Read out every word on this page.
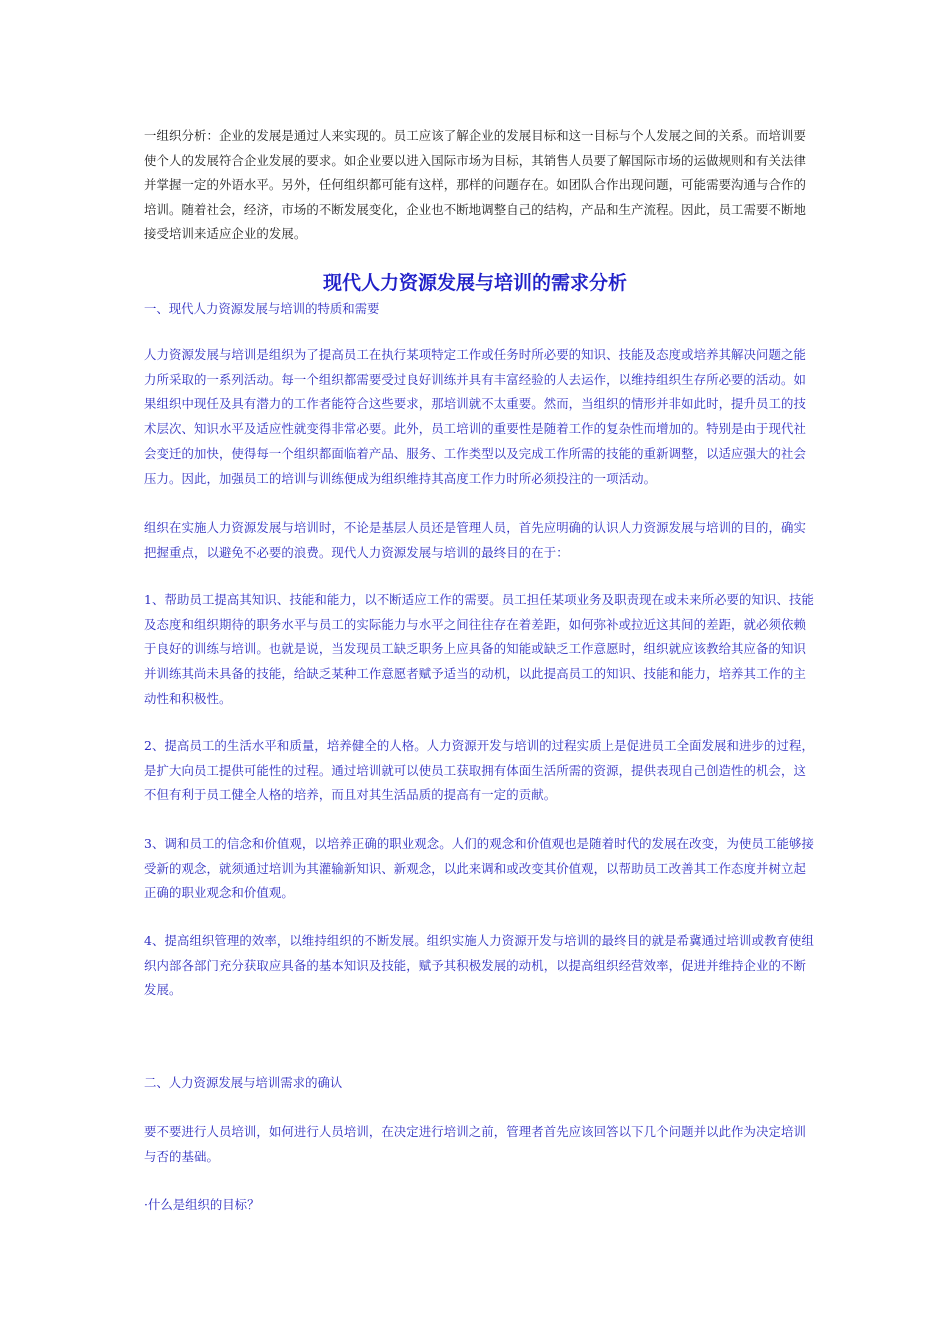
一组织分析：企业的发展是通过人来实现的。员工应该了解企业的发展目标和这一目标与个人发展之间的关系。而培训要使个人的发展符合企业发展的要求。如企业要以进入国际市场为目标，其销售人员要了解国际市场的运做规则和有关法律并掌握一定的外语水平。另外，任何组织都可能有这样，那样的问题存在。如团队合作出现问题，可能需要沟通与合作的培训。随着社会，经济，市场的不断发展变化，企业也不断地调整自己的结构，产品和生产流程。因此，员工需要不断地接受培训来适应企业的发展。

现代人力资源发展与培训的需求分析

一、现代人力资源发展与培训的特质和需要

人力资源发展与培训是组织为了提高员工在执行某项特定工作或任务时所必要的知识、技能及态度或培养其解决问题之能力所采取的一系列活动。每一个组织都需要受过良好训练并具有丰富经验的人去运作，以维持组织生存所必要的活动。如果组织中现任及具有潜力的工作者能符合这些要求，那培训就不太重要。然而，当组织的情形并非如此时，提升员工的技术层次、知识水平及适应性就变得非常必要。此外，员工培训的重要性是随着工作的复杂性而增加的。特别是由于现代社会变迁的加快，使得每一个组织都面临着产品、服务、工作类型以及完成工作所需的技能的重新调整，以适应强大的社会压力。因此，加强员工的培训与训练便成为组织维持其高度工作力时所必须投注的一项活动。

组织在实施人力资源发展与培训时，不论是基层人员还是管理人员，首先应明确的认识人力资源发展与培训的目的，确实把握重点，以避免不必要的浪费。现代人力资源发展与培训的最终目的在于：

1、帮助员工提高其知识、技能和能力，以不断适应工作的需要。员工担任某项业务及职责现在或未来所必要的知识、技能及态度和组织期待的职务水平与员工的实际能力与水平之间往往存在着差距，如何弥补或拉近这其间的差距，就必须依赖于良好的训练与培训。也就是说，当发现员工缺乏职务上应具备的知能或缺乏工作意愿时，组织就应该教给其应备的知识并训练其尚未具备的技能，给缺乏某种工作意愿者赋予适当的动机，以此提高员工的知识、技能和能力，培养其工作的主动性和积极性。

2、提高员工的生活水平和质量，培养健全的人格。人力资源开发与培训的过程实质上是促进员工全面发展和进步的过程，是扩大向员工提供可能性的过程。通过培训就可以使员工获取拥有体面生活所需的资源，提供表现自己创造性的机会，这不但有利于员工健全人格的培养，而且对其生活品质的提高有一定的贡献。

3、调和员工的信念和价值观，以培养正确的职业观念。人们的观念和价值观也是随着时代的发展在改变，为使员工能够接受新的观念，就须通过培训为其灌输新知识、新观念，以此来调和或改变其价值观，以帮助员工改善其工作态度并树立起正确的职业观念和价值观。

4、提高组织管理的效率，以维持组织的不断发展。组织实施人力资源开发与培训的最终目的就是希冀通过培训或教育使组织内部各部门充分获取应具备的基本知识及技能，赋予其积极发展的动机，以提高组织经营效率，促进并维持企业的不断发展。

二、人力资源发展与培训需求的确认

要不要进行人员培训，如何进行人员培训，在决定进行培训之前，管理者首先应该回答以下几个问题并以此作为决定培训与否的基础。

·什么是组织的目标？
